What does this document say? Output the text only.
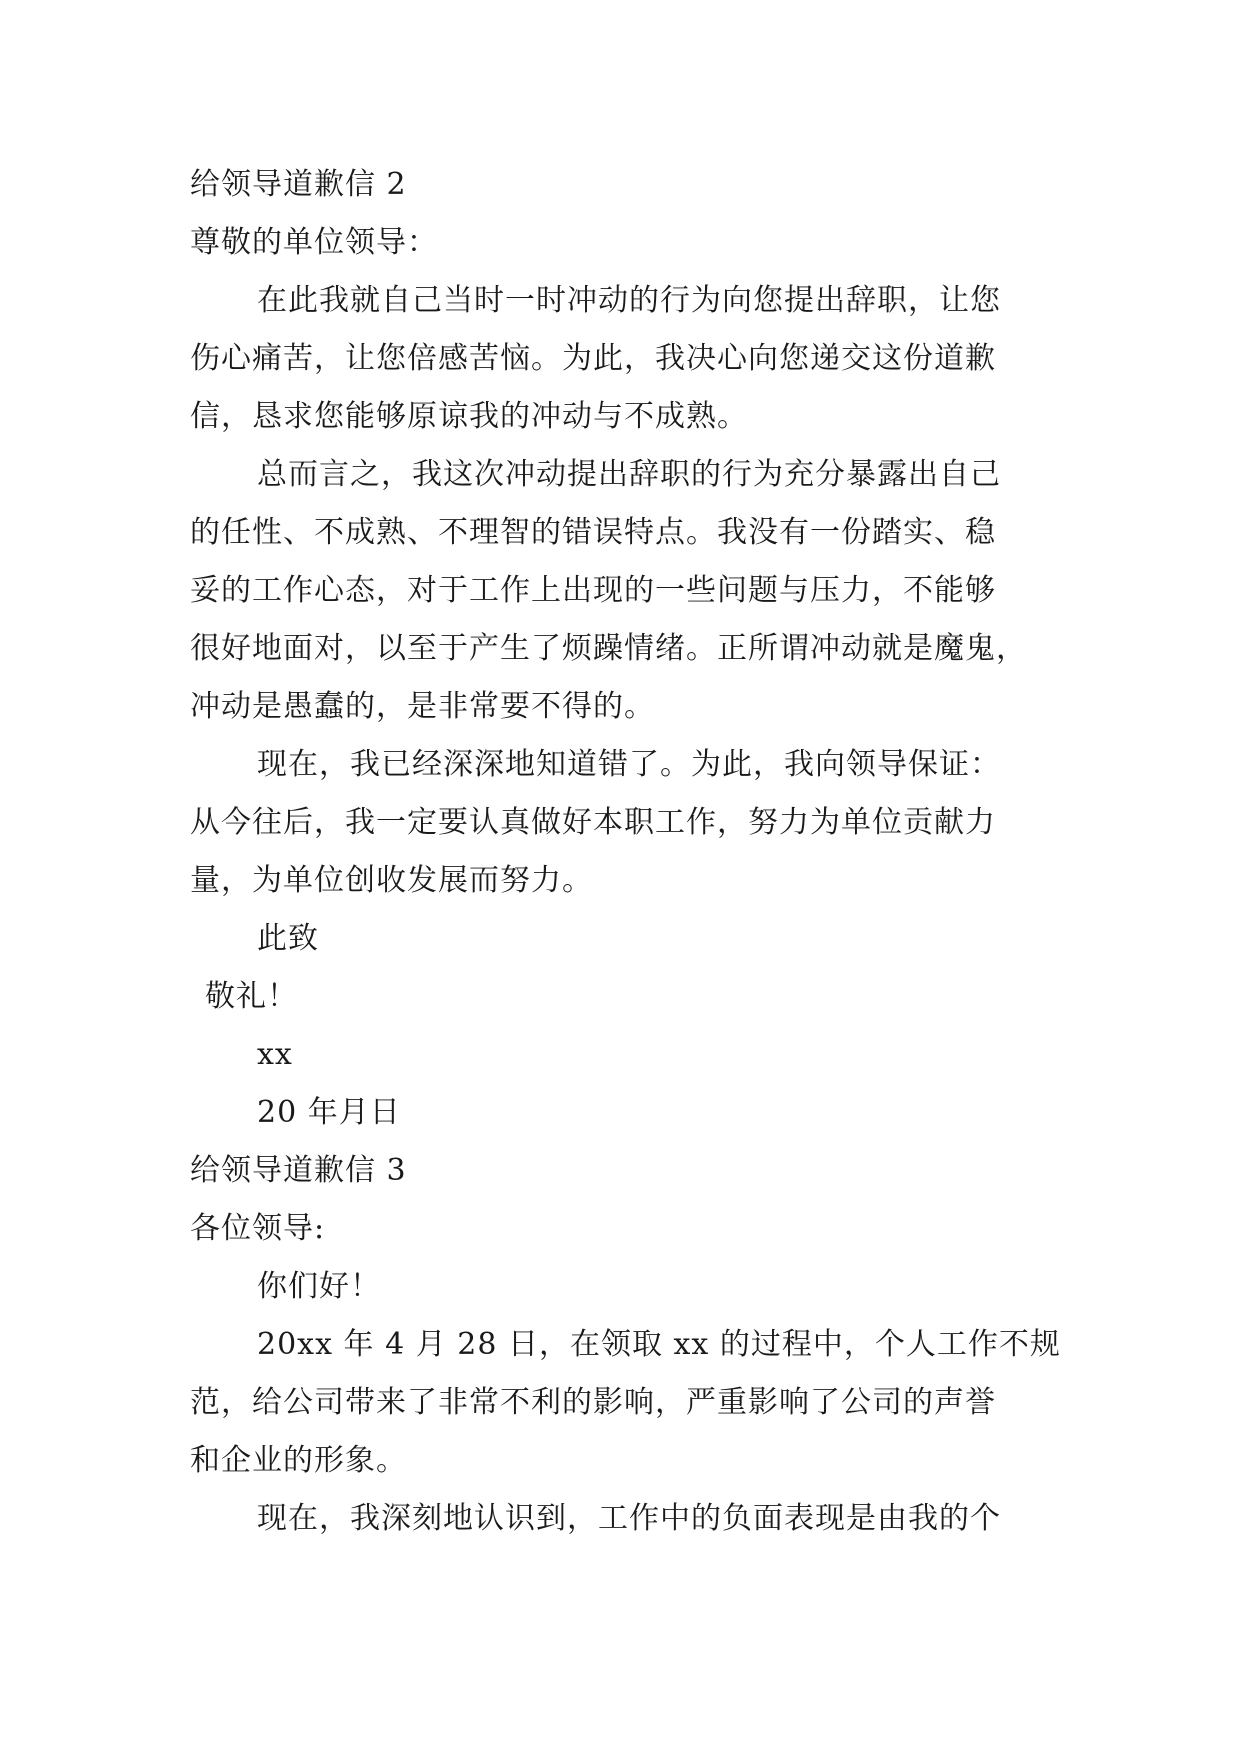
给领导道歉信 2
尊敬的单位领导：
在此我就自己当时一时冲动的行为向您提出辞职，让您
伤心痛苦，让您倍感苦恼。为此，我决心向您递交这份道歉
信，恳求您能够原谅我的冲动与不成熟。
总而言之，我这次冲动提出辞职的行为充分暴露出自己
的任性、不成熟、不理智的错误特点。我没有一份踏实、稳
妥的工作心态，对于工作上出现的一些问题与压力，不能够
很好地面对，以至于产生了烦躁情绪。正所谓冲动就是魔鬼，
冲动是愚蠢的，是非常要不得的。
现在，我已经深深地知道错了。为此，我向领导保证：
从今往后，我一定要认真做好本职工作，努力为单位贡献力
量，为单位创收发展而努力。
此致
敬礼！
xx
20 年月日
给领导道歉信 3
各位领导:
你们好！
20xx 年 4 月 28 日，在领取 xx 的过程中，个人工作不规
范，给公司带来了非常不利的影响，严重影响了公司的声誉
和企业的形象。
现在，我深刻地认识到，工作中的负面表现是由我的个
